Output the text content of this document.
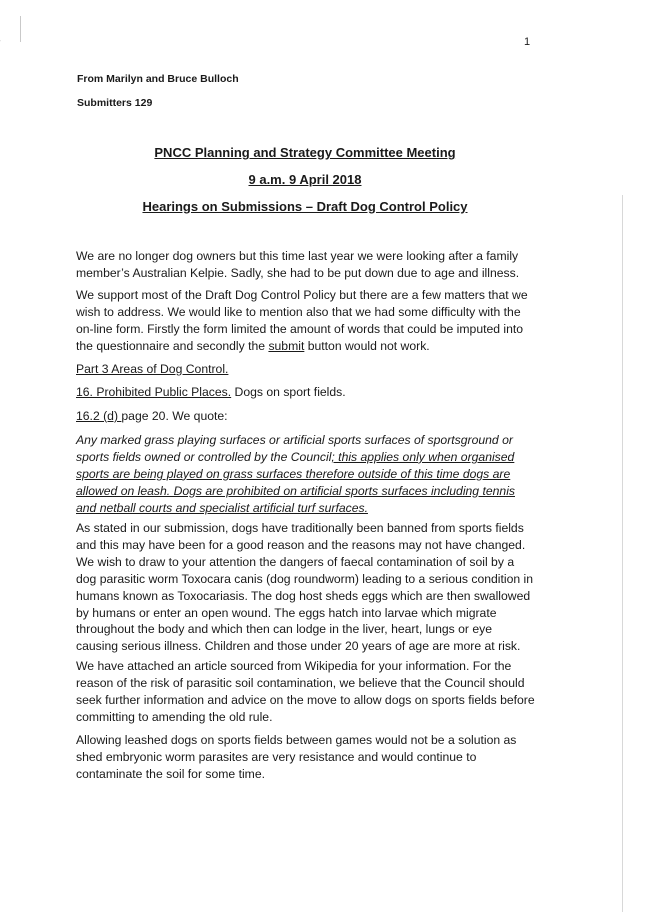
1
From Marilyn and Bruce Bulloch
Submitters 129
PNCC Planning and Strategy Committee Meeting
9 a.m. 9 April 2018
Hearings on Submissions – Draft Dog Control Policy

We are no longer dog owners but this time last year we were looking after a family member’s Australian Kelpie. Sadly, she had to be put down due to age and illness.

We support most of the Draft Dog Control Policy but there are a few matters that we wish to address. We would like to mention also that we had some difficulty with the on-line form. Firstly the form limited the amount of words that could be imputed into the questionnaire and secondly the submit button would not work.

Part 3 Areas of Dog Control.

16. Prohibited Public Places. Dogs on sport fields.

16.2 (d) page 20. We quote:

Any marked grass playing surfaces or artificial sports surfaces of sportsground or sports fields owned or controlled by the Council; this applies only when organised sports are being played on grass surfaces therefore outside of this time dogs are allowed on leash. Dogs are prohibited on artificial sports surfaces including tennis and netball courts and specialist artificial turf surfaces.

As stated in our submission, dogs have traditionally been banned from sports fields and this may have been for a good reason and the reasons may not have changed. We wish to draw to your attention the dangers of faecal contamination of soil by a dog parasitic worm Toxocara canis (dog roundworm) leading to a serious condition in humans known as Toxocariasis. The dog host sheds eggs which are then swallowed by humans or enter an open wound. The eggs hatch into larvae which migrate throughout the body and which then can lodge in the liver, heart, lungs or eye causing serious illness. Children and those under 20 years of age are more at risk.

We have attached an article sourced from Wikipedia for your information. For the reason of the risk of parasitic soil contamination, we believe that the Council should seek further information and advice on the move to allow dogs on sports fields before committing to amending the old rule.

Allowing leashed dogs on sports fields between games would not be a solution as shed embryonic worm parasites are very resistance and would continue to contaminate the soil for some time.
